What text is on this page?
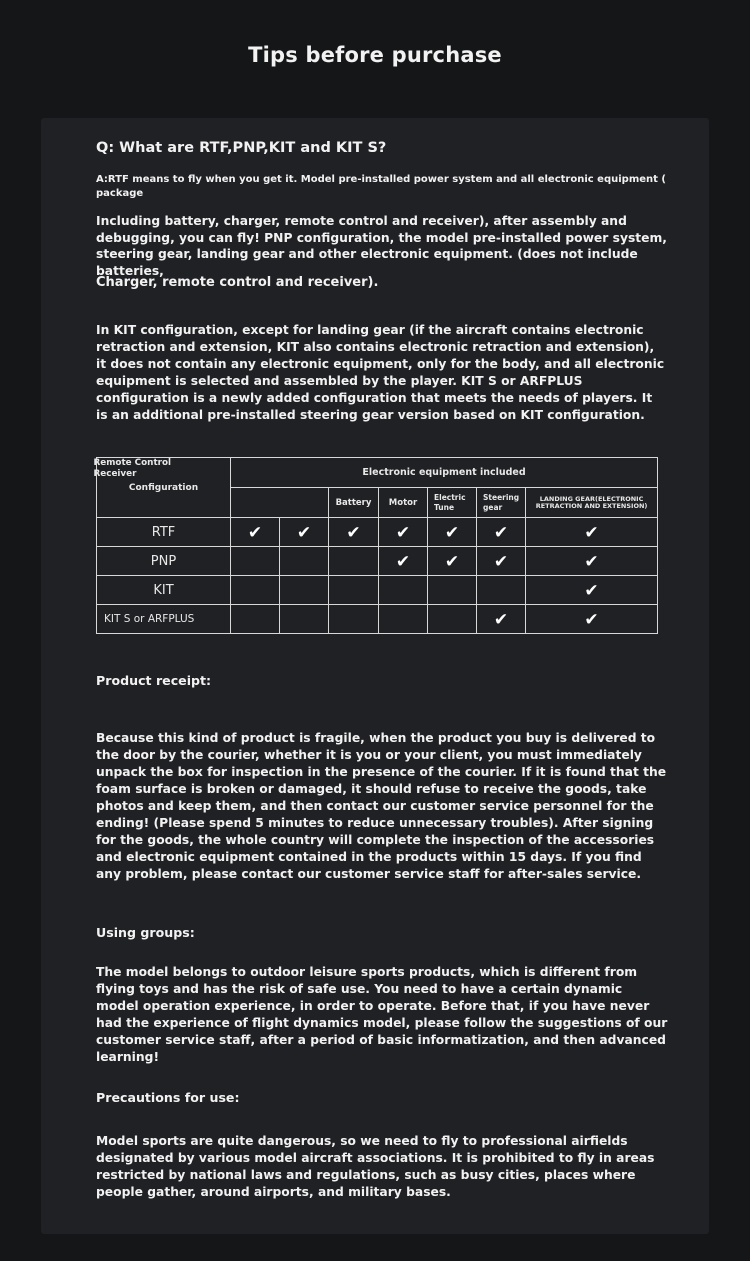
Tips before purchase
Q: What are RTF,PNP,KIT and KIT S?
A:RTF means to fly when you get it. Model pre-installed power system and all electronic equipment ( package
Including battery, charger, remote control and receiver), after assembly and debugging, you can fly! PNP configuration, the model pre-installed power system, steering gear, landing gear and other electronic equipment. (does not include batteries,
Charger, remote control and receiver).
In KIT configuration, except for landing gear (if the aircraft contains electronic retraction and extension, KIT also contains electronic retraction and extension), it does not contain any electronic equipment, only for the body, and all electronic equipment is selected and assembled by the player. KIT S or ARFPLUS configuration is a newly added configuration that meets the needs of players. It is an additional pre-installed steering gear version based on KIT configuration.
Configuration	Electronic equipment included						

	Remote Control Receiver		Battery	Motor	Electric Tune	Steering gear	LANDING GEAR(ELECTRONIC RETRACTION AND EXTENSION)
RTF	✔	✔	✔	✔	✔	✔	✔
PNP				✔	✔	✔	✔
KIT							✔
KIT S or ARFPLUS						✔	✔
Product receipt:
Because this kind of product is fragile, when the product you buy is delivered to the door by the courier, whether it is you or your client, you must immediately unpack the box for inspection in the presence of the courier. If it is found that the foam surface is broken or damaged, it should refuse to receive the goods, take photos and keep them, and then contact our customer service personnel for the ending! (Please spend 5 minutes to reduce unnecessary troubles). After signing for the goods, the whole country will complete the inspection of the accessories and electronic equipment contained in the products within 15 days. If you find any problem, please contact our customer service staff for after-sales service.
Using groups:
The model belongs to outdoor leisure sports products, which is different from flying toys and has the risk of safe use. You need to have a certain dynamic model operation experience, in order to operate. Before that, if you have never had the experience of flight dynamics model, please follow the suggestions of our customer service staff, after a period of basic informatization, and then advanced learning!
Precautions for use:
Model sports are quite dangerous, so we need to fly to professional airfields designated by various model aircraft associations. It is prohibited to fly in areas restricted by national laws and regulations, such as busy cities, places where people gather, around airports, and military bases.
